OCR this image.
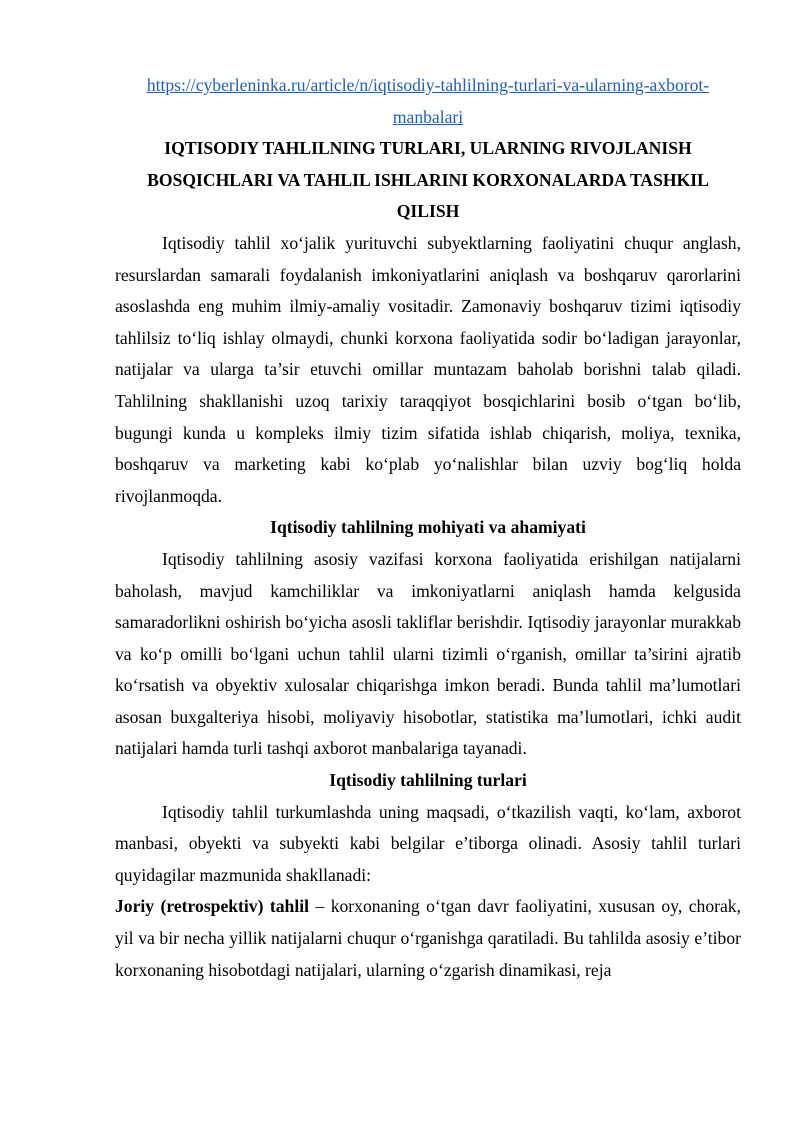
https://cyberleninka.ru/article/n/iqtisodiy-tahlilning-turlari-va-ularning-axborot-manbalari
IQTISODIY TAHLILNING TURLARI, ULARNING RIVOJLANISH BOSQICHLARI VA TAHLIL ISHLARINI KORXONALARDA TASHKIL QILISH

Iqtisodiy tahlil xo‘jalik yurituvchi subyektlarning faoliyatini chuqur anglash, resurslardan samarali foydalanish imkoniyatlarini aniqlash va boshqaruv qarorlarini asoslashda eng muhim ilmiy-amaliy vositadir. Zamonaviy boshqaruv tizimi iqtisodiy tahlilsiz to‘liq ishlay olmaydi, chunki korxona faoliyatida sodir bo‘ladigan jarayonlar, natijalar va ularga ta’sir etuvchi omillar muntazam baholab borishni talab qiladi. Tahlilning shakllanishi uzoq tarixiy taraqqiyot bosqichlarini bosib o‘tgan bo‘lib, bugungi kunda u kompleks ilmiy tizim sifatida ishlab chiqarish, moliya, texnika, boshqaruv va marketing kabi ko‘plab yo‘nalishlar bilan uzviy bog‘liq holda rivojlanmoqda.

Iqtisodiy tahlilning mohiyati va ahamiyati

Iqtisodiy tahlilning asosiy vazifasi korxona faoliyatida erishilgan natijalarni baholash, mavjud kamchiliklar va imkoniyatlarni aniqlash hamda kelgusida samaradorlikni oshirish bo‘yicha asosli takliflar berishdir. Iqtisodiy jarayonlar murakkab va ko‘p omilli bo‘lgani uchun tahlil ularni tizimli o‘rganish, omillar ta’sirini ajratib ko‘rsatish va obyektiv xulosalar chiqarishga imkon beradi. Bunda tahlil ma’lumotlari asosan buxgalteriya hisobi, moliyaviy hisobotlar, statistika ma’lumotlari, ichki audit natijalari hamda turli tashqi axborot manbalariga tayanadi.

Iqtisodiy tahlilning turlari

Iqtisodiy tahlil turkumlashda uning maqsadi, o‘tkazilish vaqti, ko‘lam, axborot manbasi, obyekti va subyekti kabi belgilar e’tiborga olinadi. Asosiy tahlil turlari quyidagilar mazmunida shakllanadi:

Joriy (retrospektiv) tahlil – korxonaning o‘tgan davr faoliyatini, xususan oy, chorak, yil va bir necha yillik natijalarni chuqur o‘rganishga qaratiladi. Bu tahlilda asosiy e’tibor korxonaning hisobotdagi natijalari, ularning o‘zgarish dinamikasi, reja
